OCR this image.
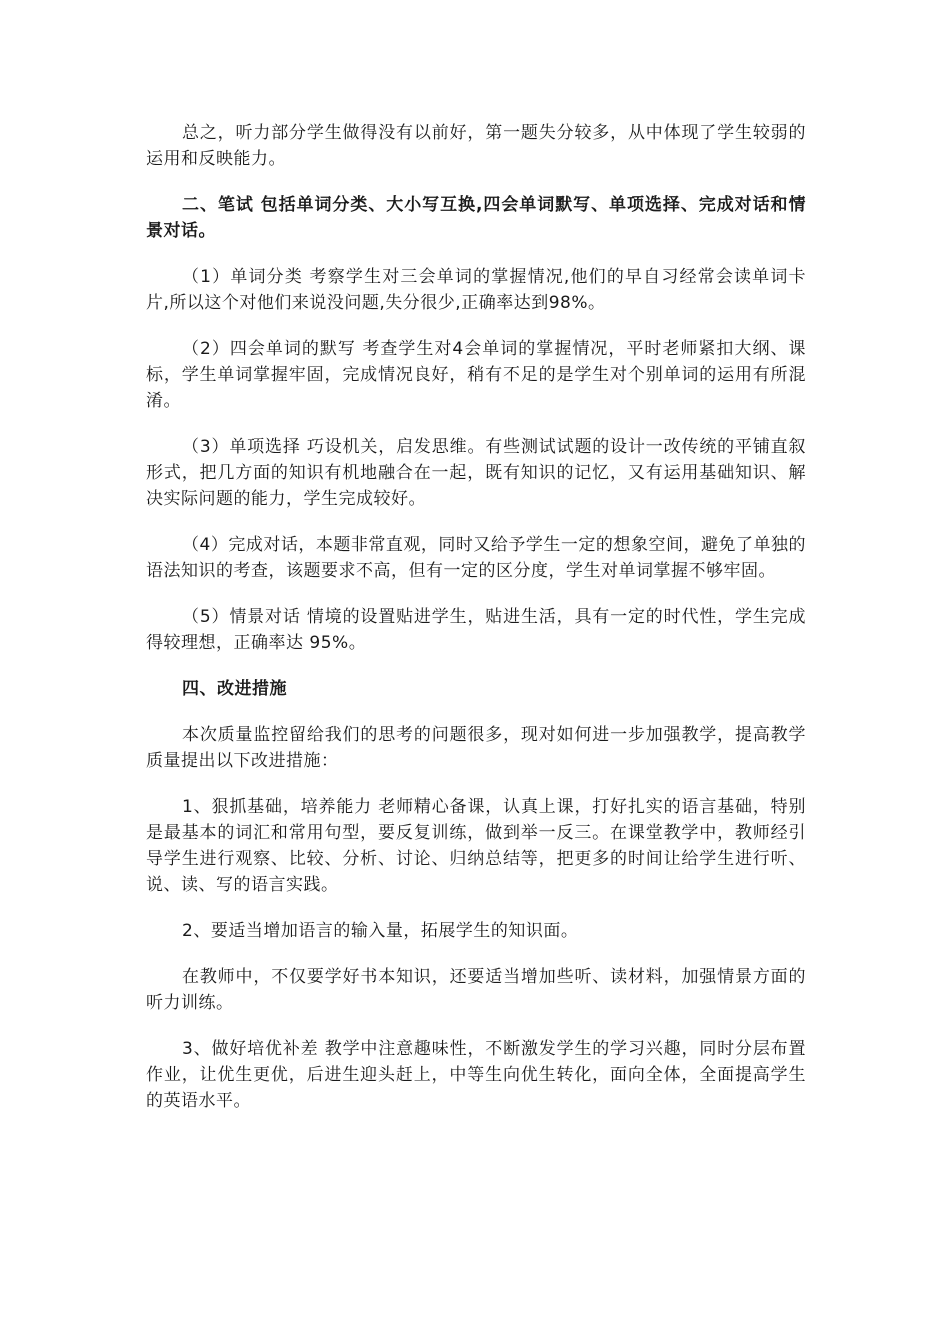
总之，听力部分学生做得没有以前好，第一题失分较多，从中体现了学生较弱的运用和反映能力。

二、笔试 包括单词分类、大小写互换,四会单词默写、单项选择、完成对话和情景对话。

（1）单词分类 考察学生对三会单词的掌握情况,他们的早自习经常会读单词卡片,所以这个对他们来说没问题,失分很少,正确率达到98%。

（2）四会单词的默写 考查学生对4会单词的掌握情况，平时老师紧扣大纲、课标，学生单词掌握牢固，完成情况良好，稍有不足的是学生对个别单词的运用有所混淆。

（3）单项选择 巧设机关，启发思维。有些测试试题的设计一改传统的平铺直叙形式，把几方面的知识有机地融合在一起，既有知识的记忆，又有运用基础知识、解决实际问题的能力，学生完成较好。

（4）完成对话，本题非常直观，同时又给予学生一定的想象空间，避免了单独的语法知识的考查，该题要求不高，但有一定的区分度，学生对单词掌握不够牢固。

（5）情景对话 情境的设置贴进学生，贴进生活，具有一定的时代性，学生完成得较理想，正确率达 95%。

四、改进措施

本次质量监控留给我们的思考的问题很多，现对如何进一步加强教学，提高教学质量提出以下改进措施：

1、狠抓基础，培养能力 老师精心备课，认真上课，打好扎实的语言基础，特别是最基本的词汇和常用句型，要反复训练，做到举一反三。在课堂教学中，教师经引导学生进行观察、比较、分析、讨论、归纳总结等，把更多的时间让给学生进行听、说、读、写的语言实践。

2、要适当增加语言的输入量，拓展学生的知识面。

在教师中，不仅要学好书本知识，还要适当增加些听、读材料，加强情景方面的听力训练。

3、做好培优补差 教学中注意趣味性，不断激发学生的学习兴趣，同时分层布置作业，让优生更优，后进生迎头赶上，中等生向优生转化，面向全体，全面提高学生的英语水平。
